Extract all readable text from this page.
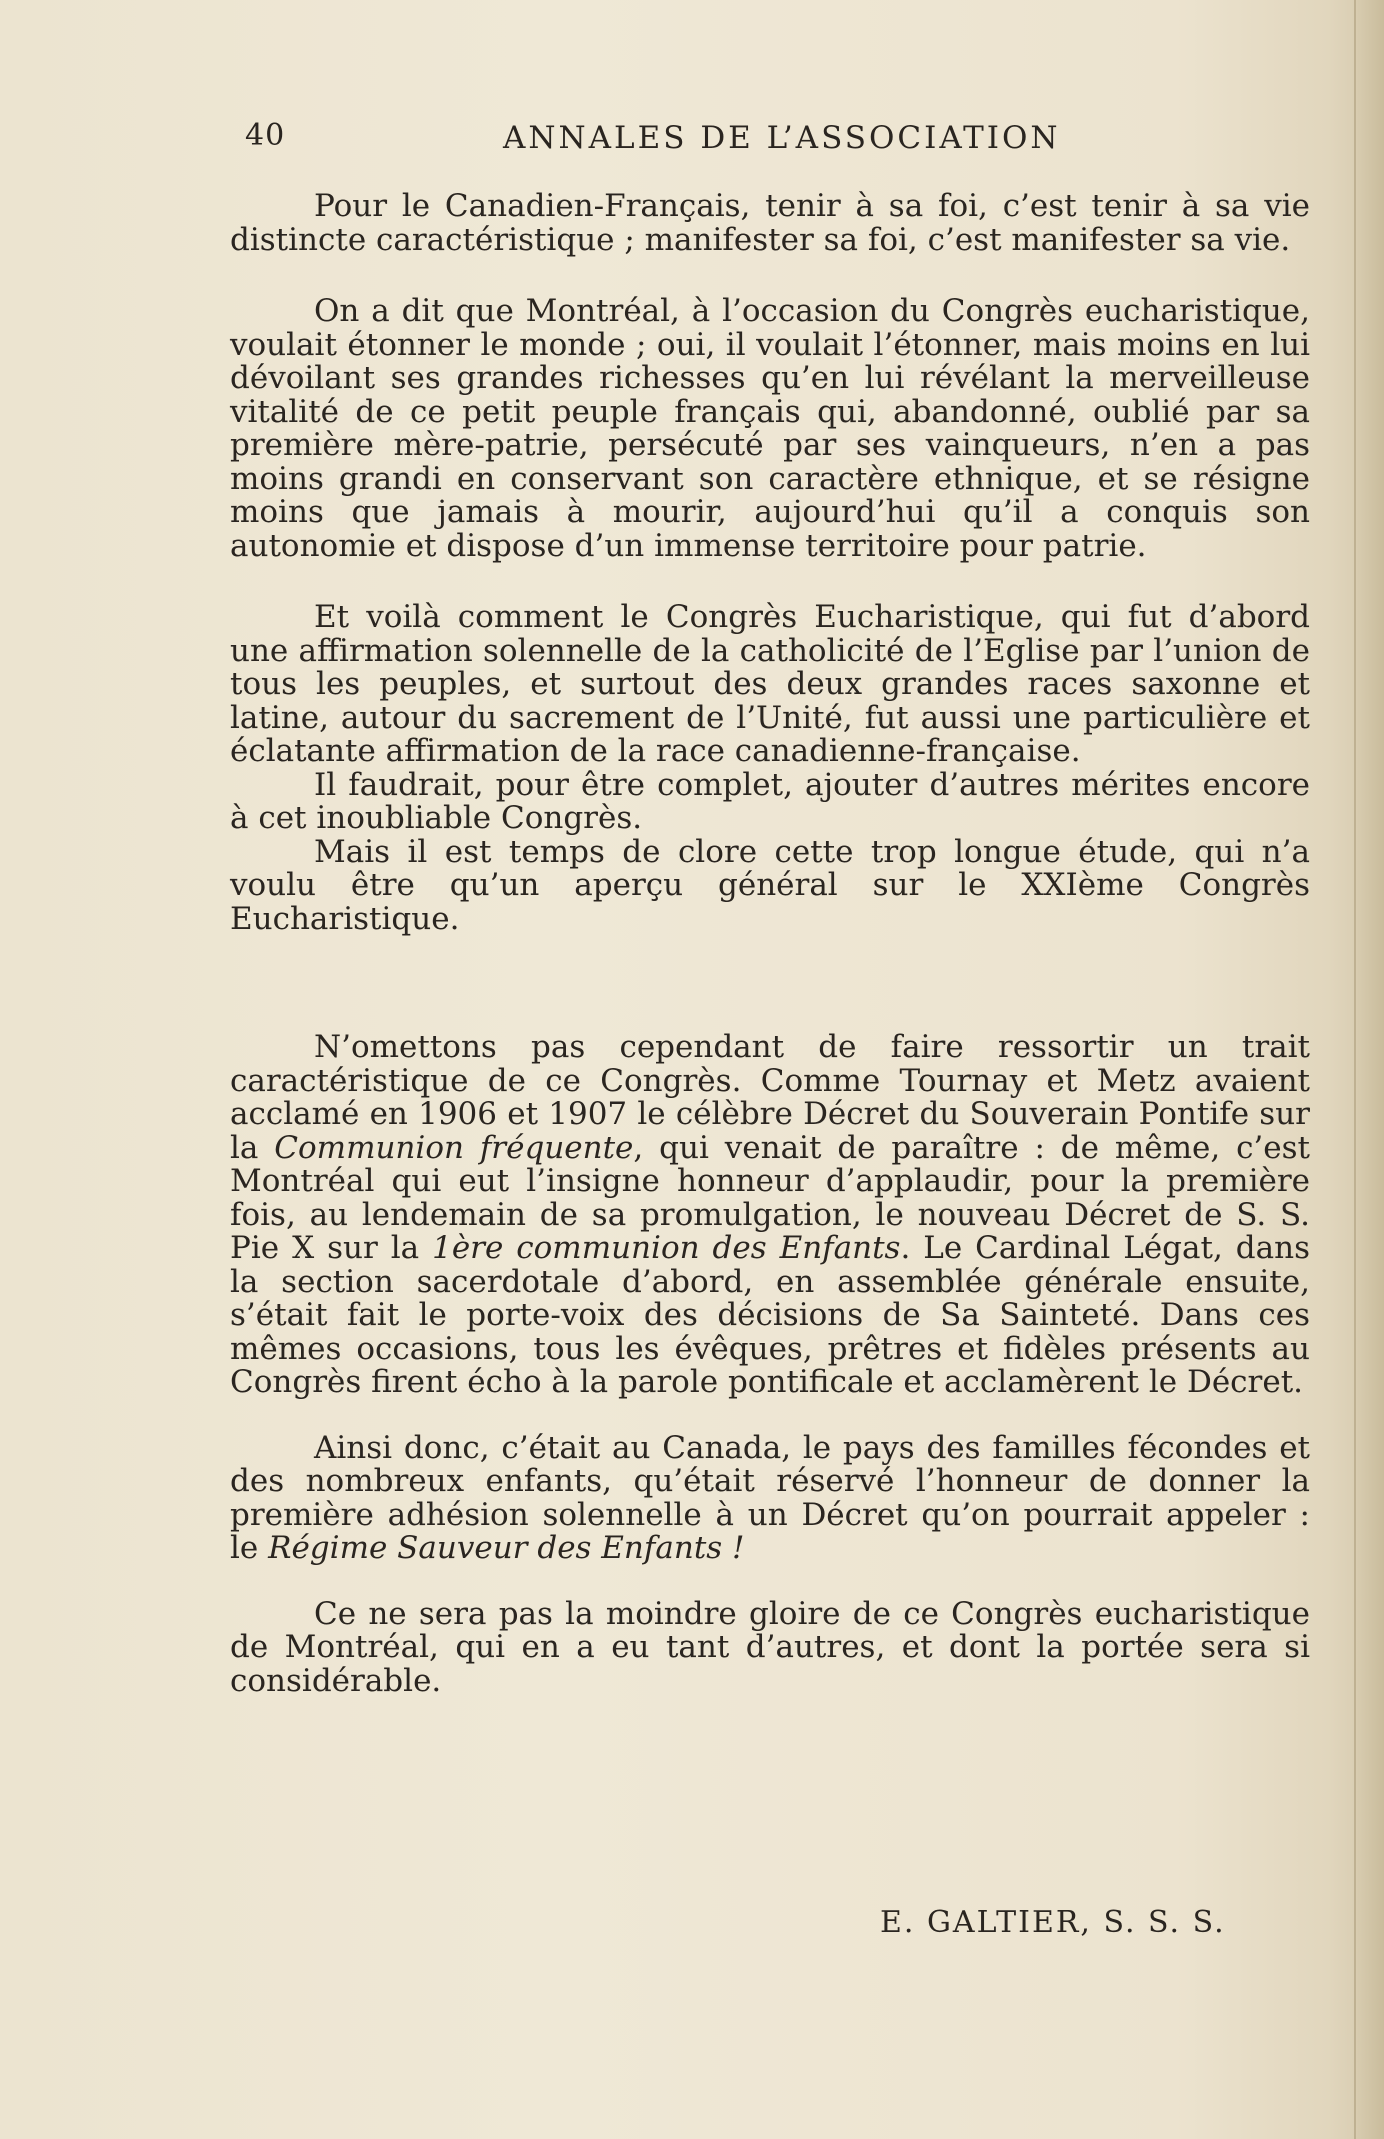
40	ANNALES DE L’ASSOCIATION

Pour le Canadien-Français, tenir à sa foi, c’est tenir à sa vie distincte caractéristique ; manifester sa foi, c’est manifester sa vie.

On a dit que Montréal, à l’occasion du Congrès eucharistique, voulait étonner le monde ; oui, il voulait l’étonner, mais moins en lui dévoilant ses grandes richesses qu’en lui révélant la merveilleuse vitalité de ce petit peuple français qui, abandonné, oublié par sa première mère-patrie, persécuté par ses vainqueurs, n’en a pas moins grandi en conservant son caractère ethnique, et se résigne moins que jamais à mourir, aujourd’hui qu’il a conquis son autonomie et dispose d’un immense territoire pour patrie.

Et voilà comment le Congrès Eucharistique, qui fut d’abord une affirmation solennelle de la catholicité de l’Eglise par l’union de tous les peuples, et surtout des deux grandes races saxonne et latine, autour du sacrement de l’Unité, fut aussi une particulière et éclatante affirmation de la race canadienne-française.

Il faudrait, pour être complet, ajouter d’autres mérites encore à cet inoubliable Congrès.

Mais il est temps de clore cette trop longue étude, qui n’a voulu être qu’un aperçu général sur le XXIème Congrès Eucharistique.

N’omettons pas cependant de faire ressortir un trait caractéristique de ce Congrès. Comme Tournay et Metz avaient acclamé en 1906 et 1907 le célèbre Décret du Souverain Pontife sur la Communion fréquente, qui venait de paraître : de même, c’est Montréal qui eut l’insigne honneur d’applaudir, pour la première fois, au lendemain de sa promulgation, le nouveau Décret de S. S. Pie X sur la 1ère communion des Enfants. Le Cardinal Légat, dans la section sacerdotale d’abord, en assemblée générale ensuite, s’était fait le porte-voix des décisions de Sa Sainteté. Dans ces mêmes occasions, tous les évêques, prêtres et fidèles présents au Congrès firent écho à la parole pontificale et acclamèrent le Décret.

Ainsi donc, c’était au Canada, le pays des familles fécondes et des nombreux enfants, qu’était réservé l’honneur de donner la première adhésion solennelle à un Décret qu’on pourrait appeler : le Régime Sauveur des Enfants !

Ce ne sera pas la moindre gloire de ce Congrès eucharistique de Montréal, qui en a eu tant d’autres, et dont la portée sera si considérable.

E. GALTIER, S. S. S.
